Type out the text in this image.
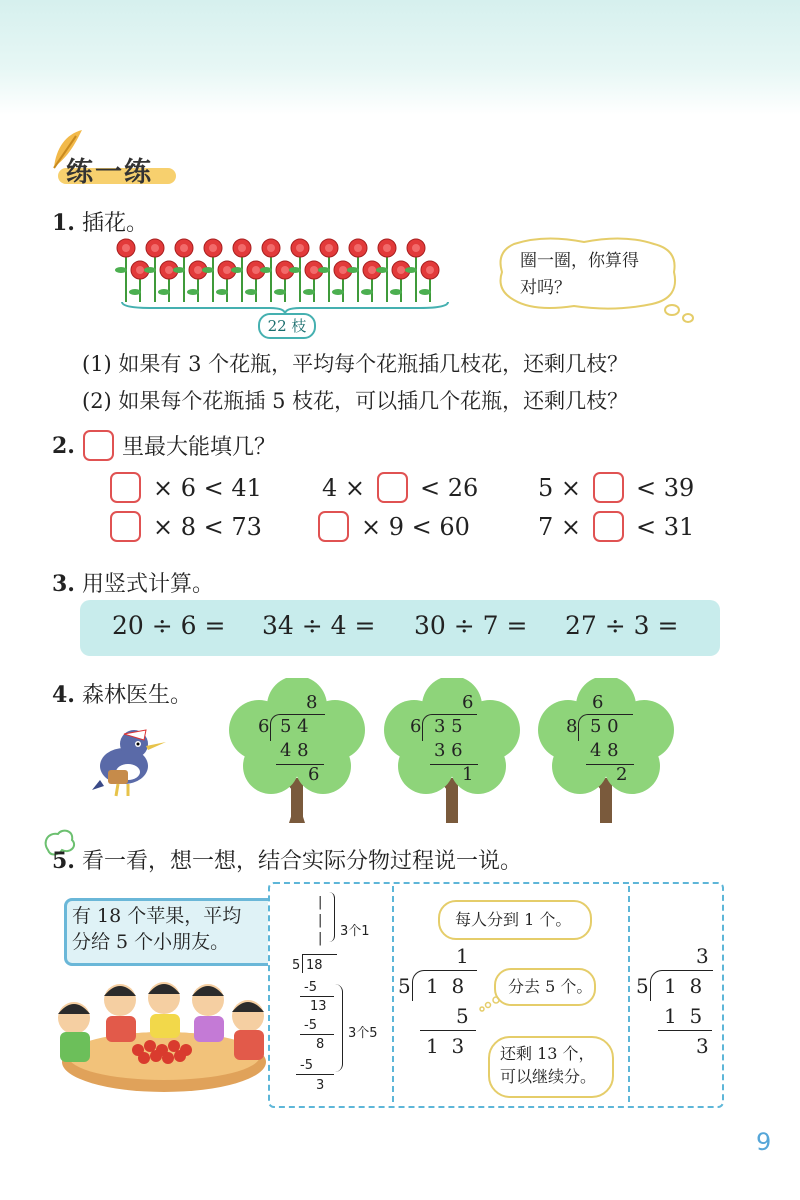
练一练
1. 插花。
22 枝
圈一圈，你算得
对吗？
(1) 如果有 3 个花瓶，平均每个花瓶插几枝花，还剩几枝？
(2) 如果每个花瓶插 5 枝花，可以插几个花瓶，还剩几枝？
2. 里最大能填几？
× 6 < 41	4 × < 26 5 × < 39
× 8 < 73	× 9 < 60	7 × < 31
3. 用竖式计算。
20 ÷ 6 = 34 ÷ 4 = 30 ÷ 7 = 27 ÷ 3 =
4. 森林医生。	8
6 5 4
4 8
6
6
6 3 5
3 6
1
6
8 5 0
4 8
2
5. 看一看，想一想，结合实际分物过程说一说。
有 18 个苹果，平均
分给 5 个小朋友。
|
|
| 3个1
5 18
-5
13
-5
8
-5
3
3个5
每人分到 1 个。
1
5 1  8
5
1  3
分去 5 个。
还剩 13 个，
可以继续分。
3
5 1  8
1  5
3
9
